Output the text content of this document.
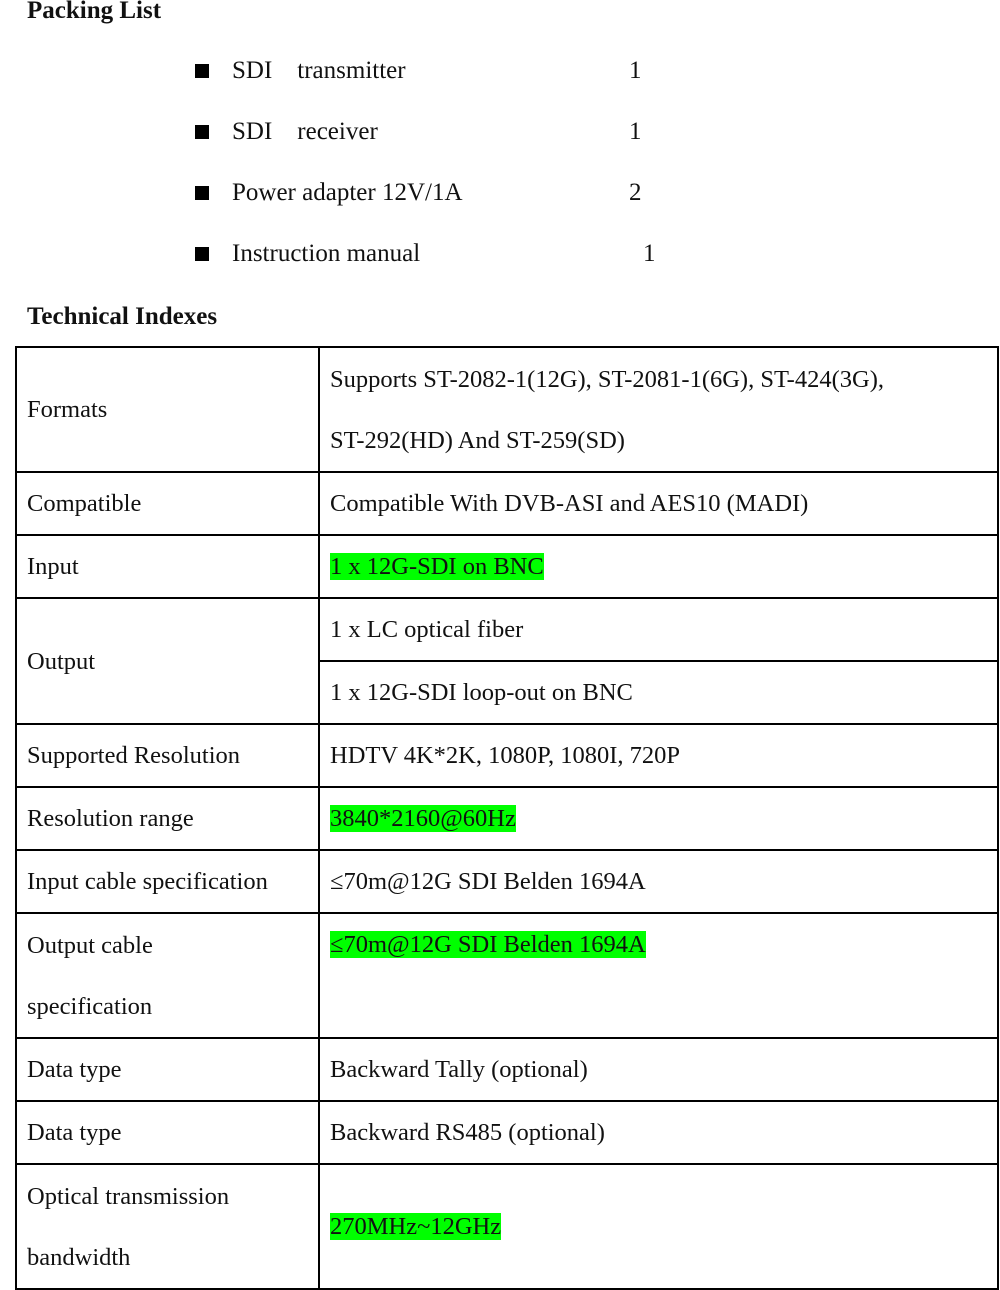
Packing List
SDI    transmitter	1
SDI    receiver	1
Power adapter 12V/1A	2
Instruction manual	1
Technical Indexes
Formats	Supports ST-2082-1(12G), ST-2081-1(6G), ST-424(3G),
ST-292(HD) And ST-259(SD)

Compatible	Compatible With DVB-ASI and AES10 (MADI)
Input	1 x 12G-SDI on BNC
Output	1 x LC optical fiber
	1 x 12G-SDI loop-out on BNC
Supported Resolution	HDTV 4K*2K, 1080P, 1080I, 720P
Resolution range	3840*2160@60Hz
Input cable specification	≤70m@12G SDI Belden 1694A

Output cable
specification	≤70m@12G SDI Belden 1694A
Data type	Backward Tally (optional)
Data type	Backward RS485 (optional)

Optical transmission
bandwidth	270MHz~12GHz
